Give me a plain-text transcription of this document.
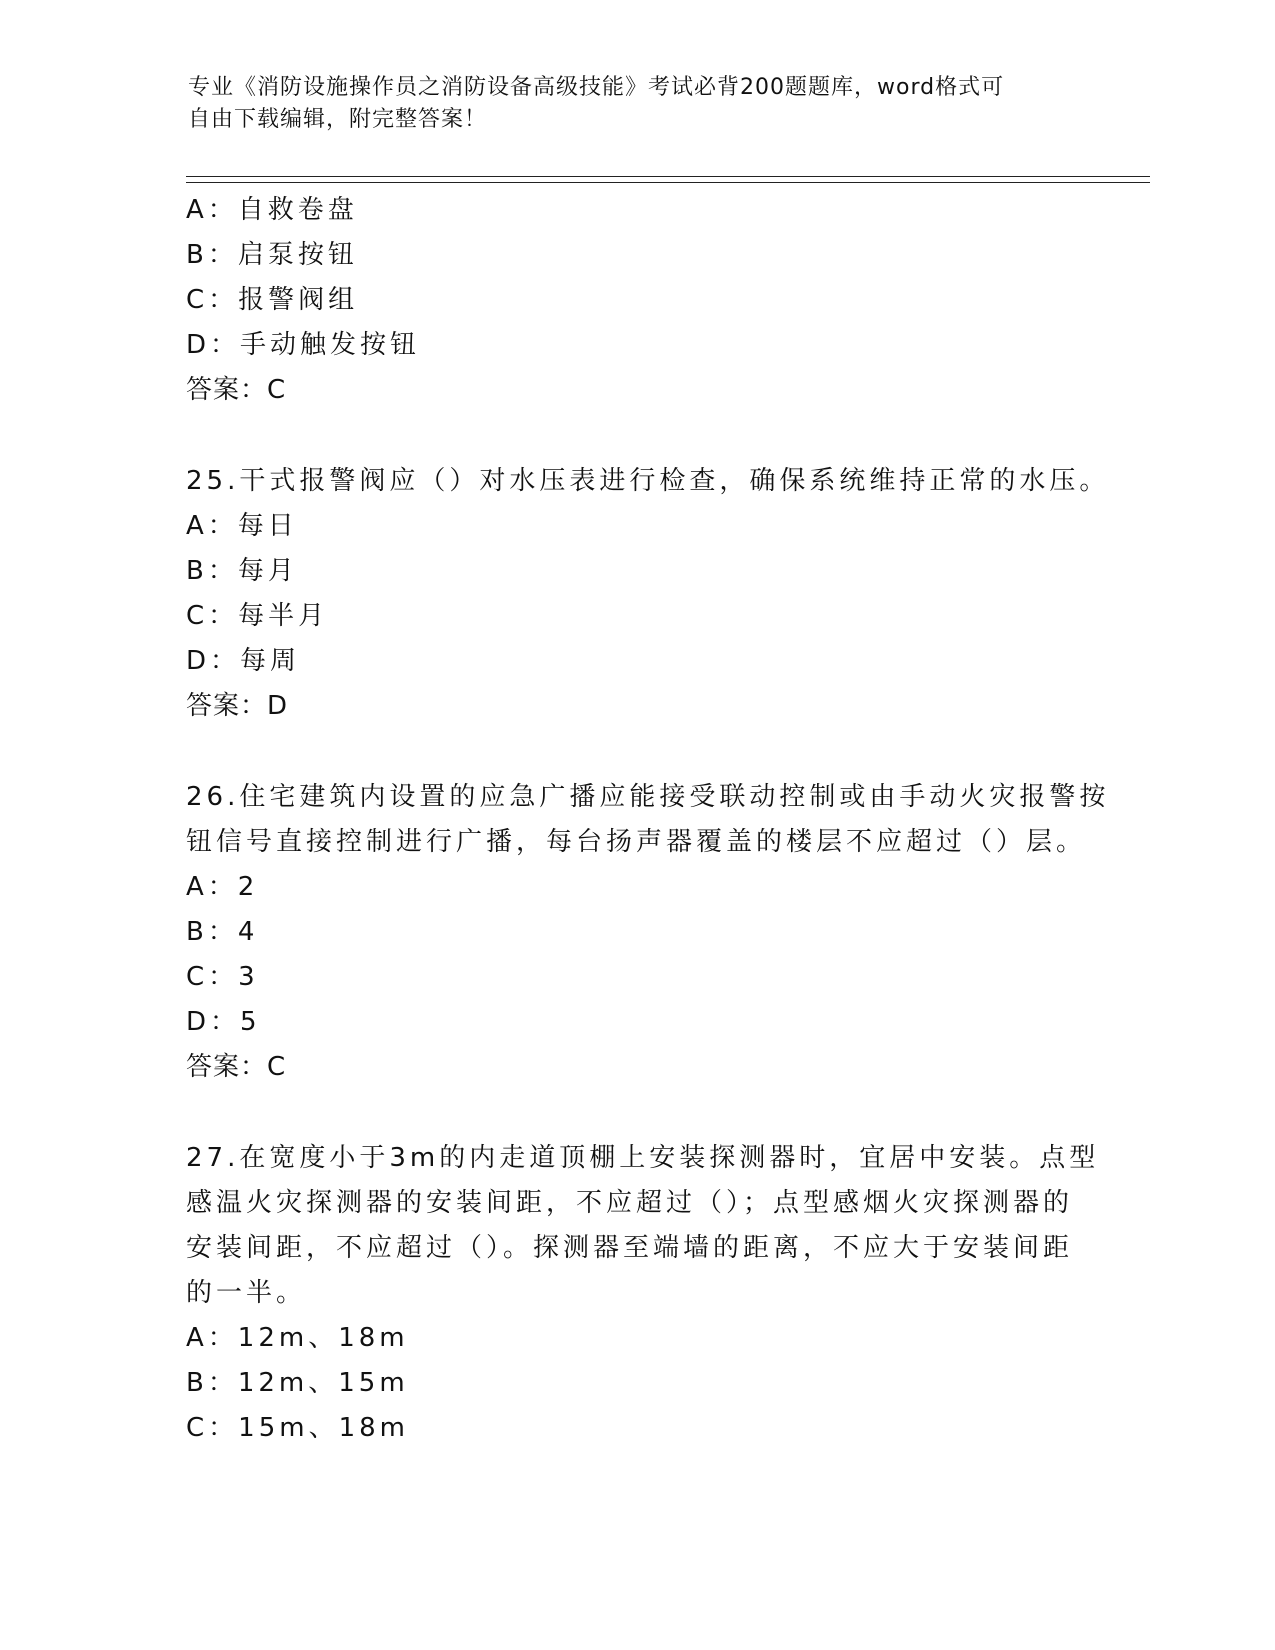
专业《消防设施操作员之消防设备高级技能》考试必背200题题库，word格式可
自由下载编辑，附完整答案！
A：自救卷盘
B：启泵按钮
C：报警阀组
D：手动触发按钮
答案：C
25.干式报警阀应（）对水压表进行检查，确保系统维持正常的水压。
A：每日
B：每月
C：每半月
D：每周
答案：D
26.住宅建筑内设置的应急广播应能接受联动控制或由手动火灾报警按
钮信号直接控制进行广播，每台扬声器覆盖的楼层不应超过（）层。
A：2
B：4
C：3
D：5
答案：C
27.在宽度小于3m的内走道顶棚上安装探测器时，宜居中安装。点型
感温火灾探测器的安装间距，不应超过（）；点型感烟火灾探测器的
安装间距，不应超过（）。探测器至端墙的距离，不应大于安装间距
的一半。
A：12m、18m
B：12m、15m
C：15m、18m
